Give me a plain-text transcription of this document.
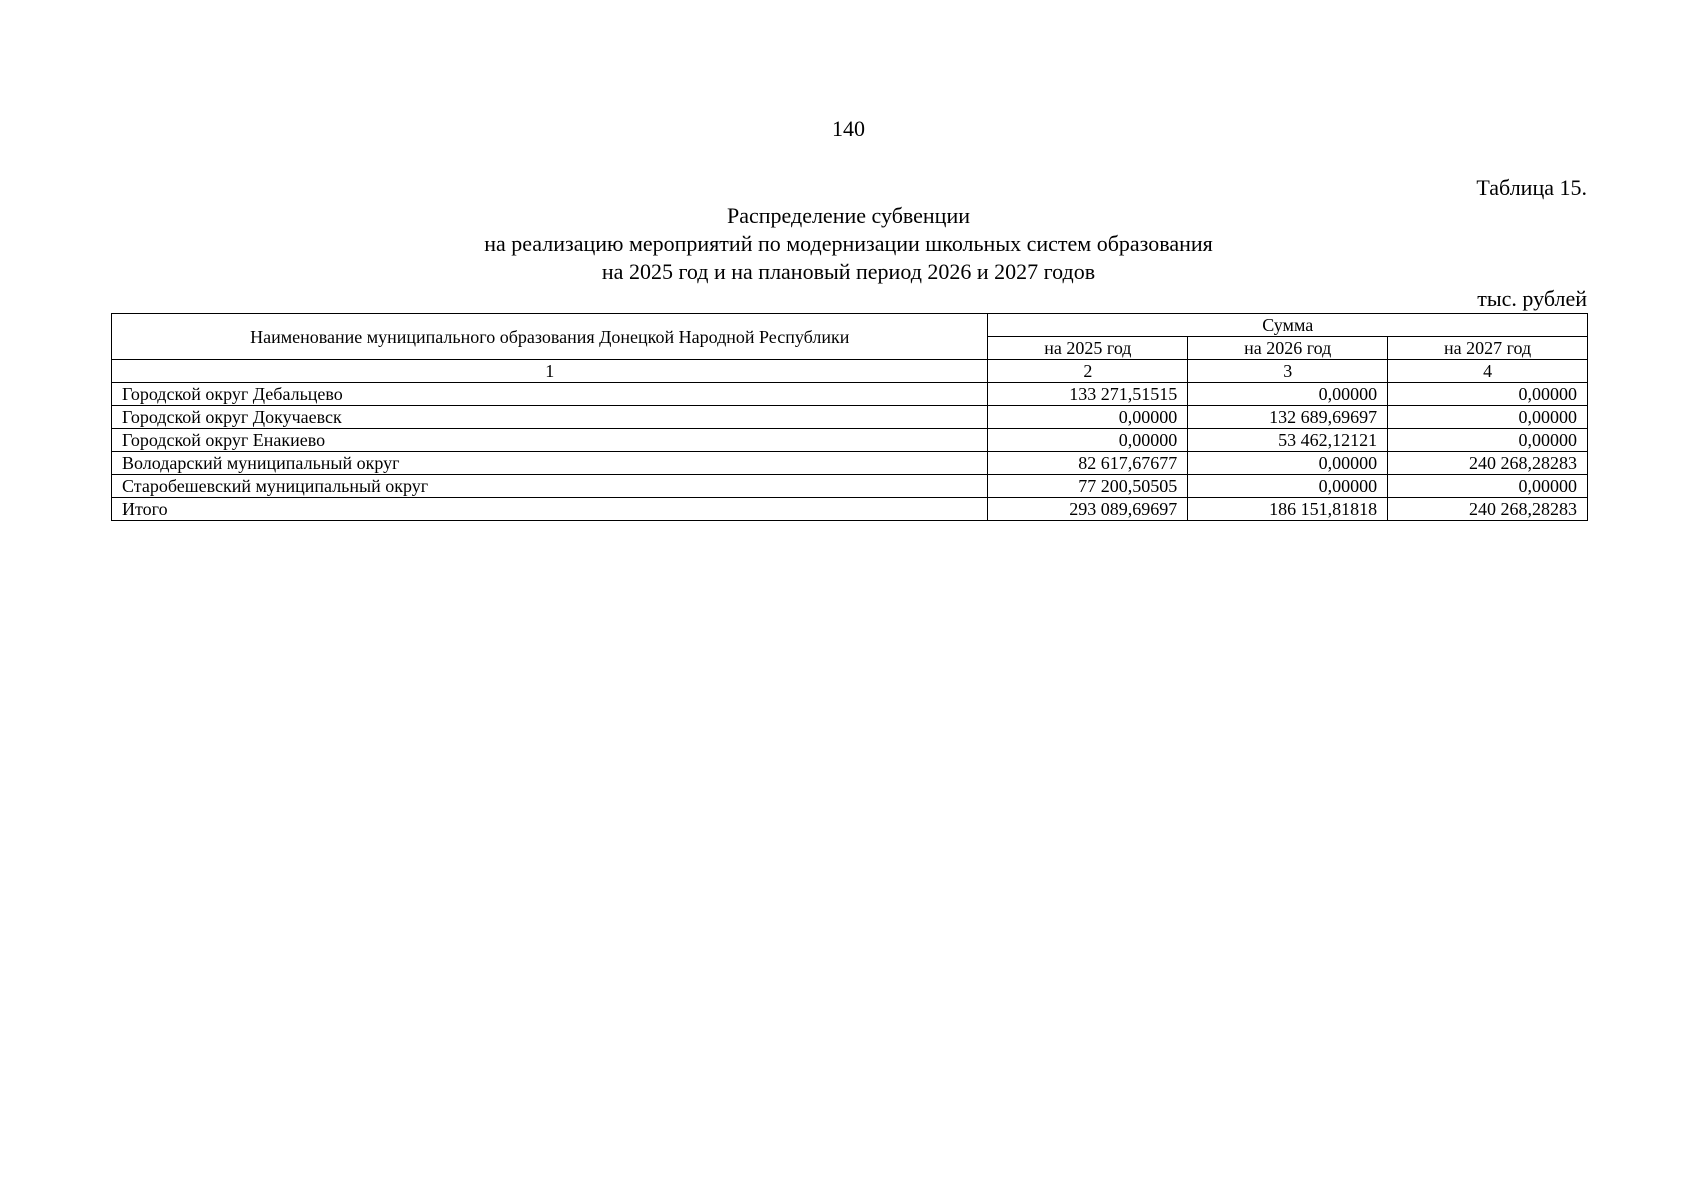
140
Таблица 15.
Распределение субвенции
на реализацию мероприятий по модернизации школьных систем образования
на 2025 год и на плановый период 2026 и 2027 годов
тыс. рублей
Наименование муниципального образования Донецкой Народной Республики	Сумма		
	на 2025 год	на 2026 год	на 2027 год
1	2	3	4
Городской округ Дебальцево	133 271,51515	0,00000	0,00000
Городской округ Докучаевск	0,00000	132 689,69697	0,00000
Городской округ Енакиево	0,00000	53 462,12121	0,00000
Володарский муниципальный округ	82 617,67677	0,00000	240 268,28283
Старобешевский муниципальный округ	77 200,50505	0,00000	0,00000
Итого	293 089,69697	186 151,81818	240 268,28283
